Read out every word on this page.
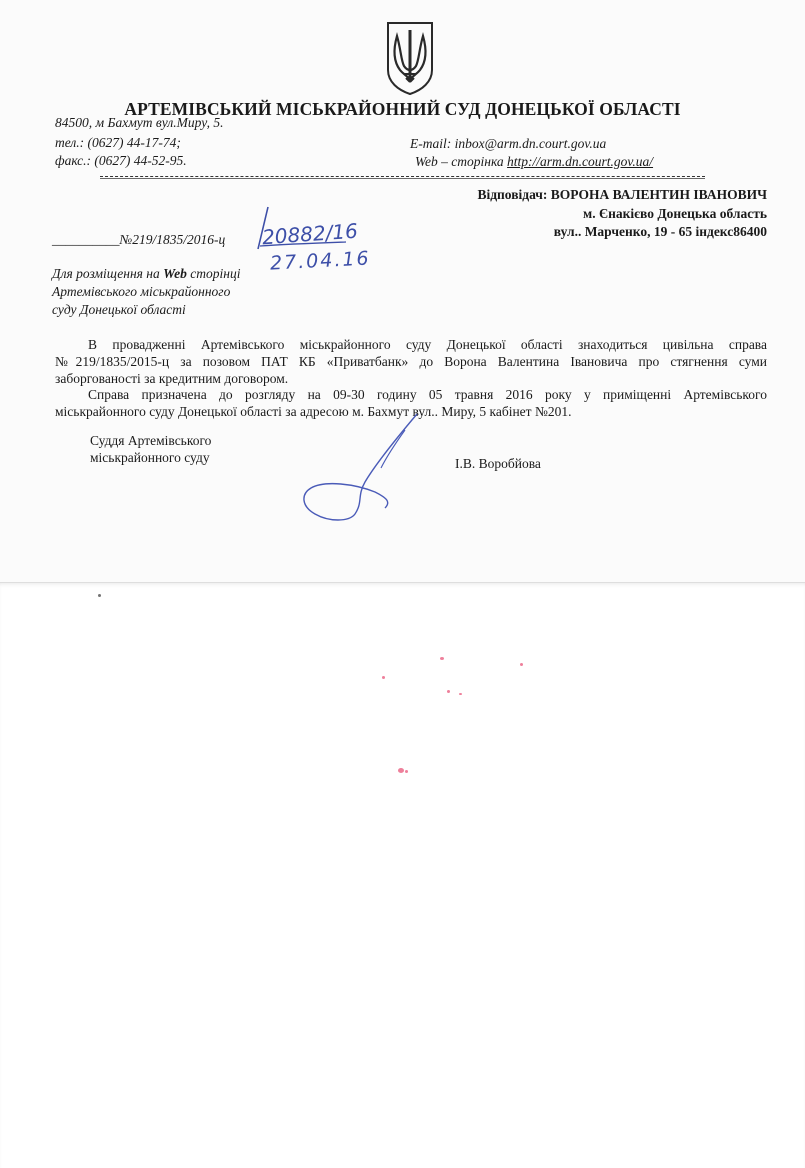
АРТЕМІВСЬКИЙ МІСЬКРАЙОННИЙ СУД ДОНЕЦЬКОЇ ОБЛАСТІ
84500, м Бахмут вул.Миру, 5.
тел.: (0627) 44-17-74;
факс.: (0627) 44-52-95.
E-mail: inbox@arm.dn.court.gov.ua
Web – сторінка http://arm.dn.court.gov.ua/
Відповідач: ВОРОНА ВАЛЕНТИН ІВАНОВИЧ
м. Єнакієво Донецька область
вул.. Марченко, 19 - 65 індекс86400
__________№219/1835/2016-ц 20882/16
27.04.16
Для розміщення на Web сторінці
Артемівського міськрайонного
суду Донецької області
В провадженні Артемівського міськрайонного суду Донецької області знаходиться цивільна справа
№219/1835/2015-ц за позовом ПАТ КБ «Приватбанк» до Ворона Валентина Івановича про стягнення суми
заборгованості за кредитним договором.
Справа призначена до розгляду на 09-30 годину 05 травня 2016 року у приміщенні Артемівського
міськрайонного суду Донецької області за адресою м. Бахмут вул.. Миру, 5 кабінет №201.
Суддя Артемівського
міськрайонного суду	І.В. Воробйова
